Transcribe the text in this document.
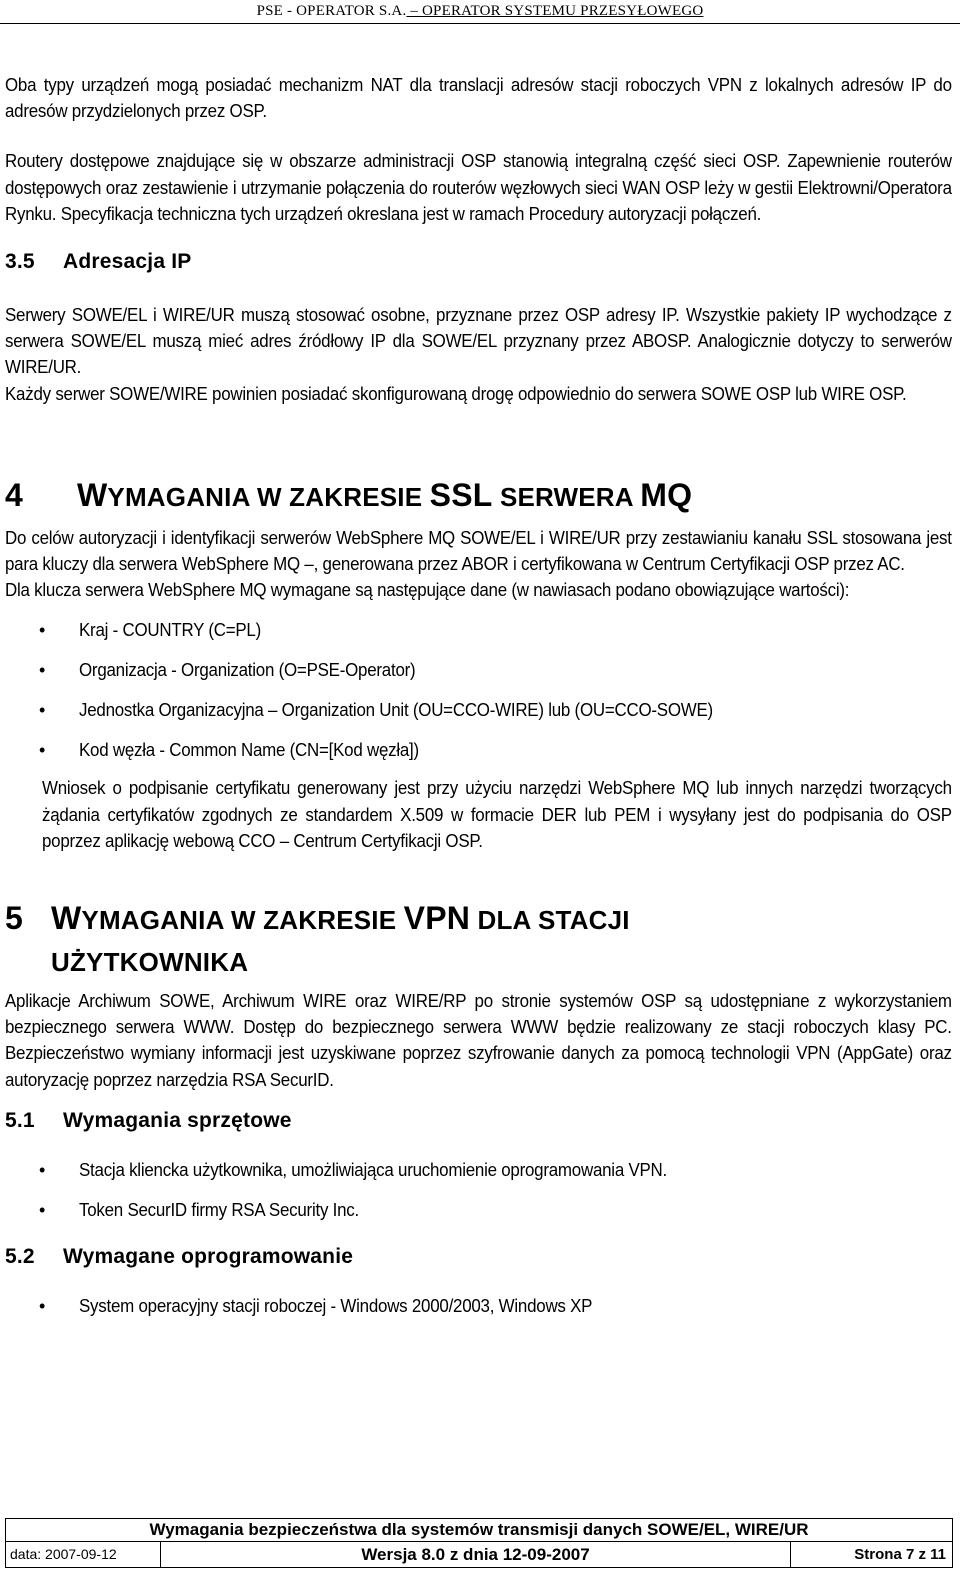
PSE - OPERATOR S.A. – OPERATOR SYSTEMU PRZESYŁOWEGO

Oba typy urządzeń mogą posiadać mechanizm NAT dla translacji adresów stacji roboczych VPN z lokalnych adresów IP do adresów przydzielonych przez OSP.

Routery dostępowe znajdujące się w obszarze administracji OSP stanowią integralną część sieci OSP. Zapewnienie routerów dostępowych oraz zestawienie i utrzymanie połączenia do routerów węzłowych sieci WAN OSP leży w gestii Elektrowni/Operatora Rynku. Specyfikacja techniczna tych urządzeń okreslana jest w ramach Procedury autoryzacji połączeń.

3.5 Adresacja IP

Serwery SOWE/EL i WIRE/UR muszą stosować osobne, przyznane przez OSP adresy IP. Wszystkie pakiety IP wychodzące z serwera SOWE/EL muszą mieć adres źródłowy IP dla SOWE/EL przyznany przez ABOSP. Analogicznie dotyczy to serwerów WIRE/UR.

Każdy serwer SOWE/WIRE powinien posiadać skonfigurowaną drogę odpowiednio do serwera SOWE OSP lub WIRE OSP.

4 WYMAGANIA W ZAKRESIE SSL SERWERA MQ

Do celów autoryzacji i identyfikacji serwerów WebSphere MQ SOWE/EL i WIRE/UR przy zestawianiu kanału SSL stosowana jest para kluczy dla serwera WebSphere MQ –, generowana przez ABOR i certyfikowana w Centrum Certyfikacji OSP przez AC.

Dla klucza serwera WebSphere MQ wymagane są następujące dane (w nawiasach podano obowiązujące wartości):

• Kraj - COUNTRY (C=PL)
• Organizacja - Organization (O=PSE-Operator)
• Jednostka Organizacyjna – Organization Unit (OU=CCO-WIRE) lub (OU=CCO-SOWE)
• Kod węzła - Common Name (CN=[Kod węzła])

Wniosek o podpisanie certyfikatu generowany jest przy użyciu narzędzi WebSphere MQ lub innych narzędzi tworzących żądania certyfikatów zgodnych ze standardem X.509 w formacie DER lub PEM i wysyłany jest do podpisania do OSP poprzez aplikację webową CCO – Centrum Certyfikacji OSP.

5 WYMAGANIA W ZAKRESIE VPN DLA STACJI
UŻYTKOWNIKA

Aplikacje Archiwum SOWE, Archiwum WIRE oraz WIRE/RP po stronie systemów OSP są udostępniane z wykorzystaniem bezpiecznego serwera WWW. Dostęp do bezpiecznego serwera WWW będzie realizowany ze stacji roboczych klasy PC. Bezpieczeństwo wymiany informacji jest uzyskiwane poprzez szyfrowanie danych za pomocą technologii VPN (AppGate) oraz autoryzację poprzez narzędzia RSA SecurID.

5.1 Wymagania sprzętowe
• Stacja kliencka użytkownika, umożliwiająca uruchomienie oprogramowania VPN.
• Token SecurID firmy RSA Security Inc.
5.2 Wymagane oprogramowanie
• System operacyjny stacji roboczej - Windows 2000/2003, Windows XP
Wymagania bezpieczeństwa dla systemów transmisji danych SOWE/EL, WIRE/UR
data: 2007-09-12	Wersja 8.0 z dnia 12-09-2007	Strona 7 z 11
